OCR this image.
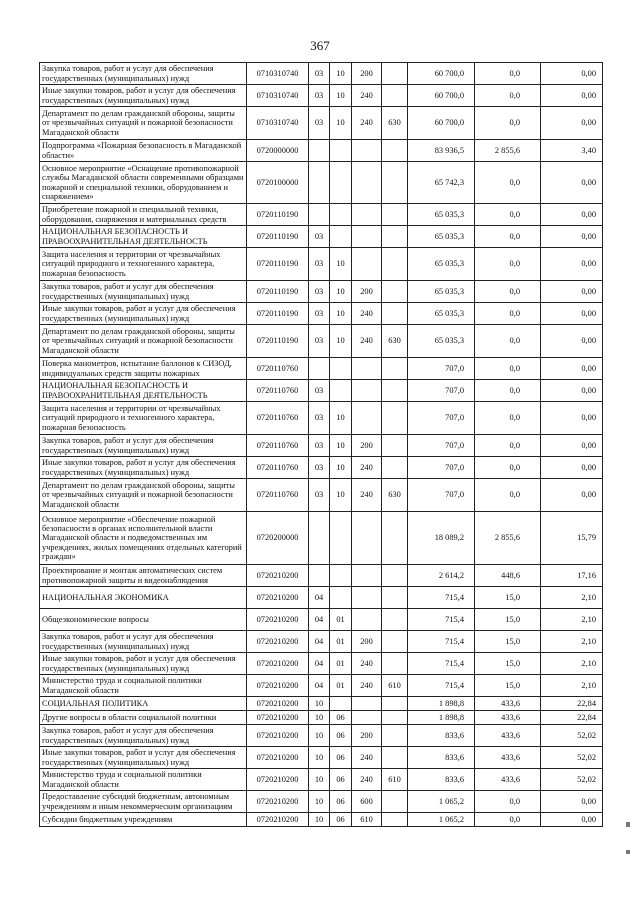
367
Закупка товаров, работ и услуг для обеспечения государственных (муниципальных) нужд	0710310740	03	10	200		60 700,0	0,0	0,00
Иные закупки товаров, работ и услуг для обеспечения государственных (муниципальных) нужд	0710310740	03	10	240		60 700,0	0,0	0,00
Департамент по делам гражданской обороны, защиты от чрезвычайных ситуаций и пожарной безопасности Магаданской области	0710310740	03	10	240	630	60 700,0	0,0	0,00
Подпрограмма «Пожарная безопасность в Магаданской области»	0720000000					83 936,5	2 855,6	3,40
Основное мероприятие «Оснащение противопожарной службы Магаданской области современными образцами пожарной и специальной техники, оборудованием и снаряжением»	0720100000					65 742,3	0,0	0,00
Приобретение пожарной и специальной техники, оборудования, снаряжения и материальных средств	0720110190					65 035,3	0,0	0,00
НАЦИОНАЛЬНАЯ БЕЗОПАСНОСТЬ И ПРАВООХРАНИТЕЛЬНАЯ ДЕЯТЕЛЬНОСТЬ	0720110190	03				65 035,3	0,0	0,00
Защита населения и территории от чрезвычайных ситуаций природного и техногенного характера, пожарная безопасность	0720110190	03	10			65 035,3	0,0	0,00
Закупка товаров, работ и услуг для обеспечения государственных (муниципальных) нужд	0720110190	03	10	200		65 035,3	0,0	0,00
Иные закупки товаров, работ и услуг для обеспечения государственных (муниципальных) нужд	0720110190	03	10	240		65 035,3	0,0	0,00
Департамент по делам гражданской обороны, защиты от чрезвычайных ситуаций и пожарной безопасности Магаданской области	0720110190	03	10	240	630	65 035,3	0,0	0,00
Поверка манометров, испытание баллонов к СИЗОД, индивидуальных средств защиты пожарных	0720110760					707,0	0,0	0,00
НАЦИОНАЛЬНАЯ БЕЗОПАСНОСТЬ И ПРАВООХРАНИТЕЛЬНАЯ ДЕЯТЕЛЬНОСТЬ	0720110760	03				707,0	0,0	0,00
Защита населения и территории от чрезвычайных ситуаций природного и техногенного характера, пожарная безопасность	0720110760	03	10			707,0	0,0	0,00
Закупка товаров, работ и услуг для обеспечения государственных (муниципальных) нужд	0720110760	03	10	200		707,0	0,0	0,00
Иные закупки товаров, работ и услуг для обеспечения государственных (муниципальных) нужд	0720110760	03	10	240		707,0	0,0	0,00
Департамент по делам гражданской обороны, защиты от чрезвычайных ситуаций и пожарной безопасности Магаданской области	0720110760	03	10	240	630	707,0	0,0	0,00
Основное мероприятие «Обеспечение пожарной безопасности в органах исполнительной власти Магаданской области и подведомственных им учреждениях, жилых помещениях отдельных категорий граждан»	0720200000					18 089,2	2 855,6	15,79
Проектирование и монтаж автоматических систем противопожарной защиты и видеонаблюдения	0720210200					2 614,2	448,6	17,16
НАЦИОНАЛЬНАЯ ЭКОНОМИКА	0720210200	04				715,4	15,0	2,10
Общеэкономические вопросы	0720210200	04	01			715,4	15,0	2,10
Закупка товаров, работ и услуг для обеспечения государственных (муниципальных) нужд	0720210200	04	01	200		715,4	15,0	2,10
Иные закупки товаров, работ и услуг для обеспечения государственных (муниципальных) нужд	0720210200	04	01	240		715,4	15,0	2,10
Министерство труда и социальной политики Магаданской области	0720210200	04	01	240	610	715,4	15,0	2,10
СОЦИАЛЬНАЯ ПОЛИТИКА	0720210200	10				1 898,8	433,6	22,84
Другие вопросы в области социальной политики	0720210200	10	06			1 898,8	433,6	22,84
Закупка товаров, работ и услуг для обеспечения государственных (муниципальных) нужд	0720210200	10	06	200		833,6	433,6	52,02
Иные закупки товаров, работ и услуг для обеспечения государственных (муниципальных) нужд	0720210200	10	06	240		833,6	433,6	52,02
Министерство труда и социальной политики Магаданской области	0720210200	10	06	240	610	833,6	433,6	52,02
Предоставление субсидий бюджетным, автономным учреждениям и иным некоммерческим организациям	0720210200	10	06	600		1 065,2	0,0	0,00
Субсидии бюджетным учреждениям	0720210200	10	06	610		1 065,2	0,0	0,00
